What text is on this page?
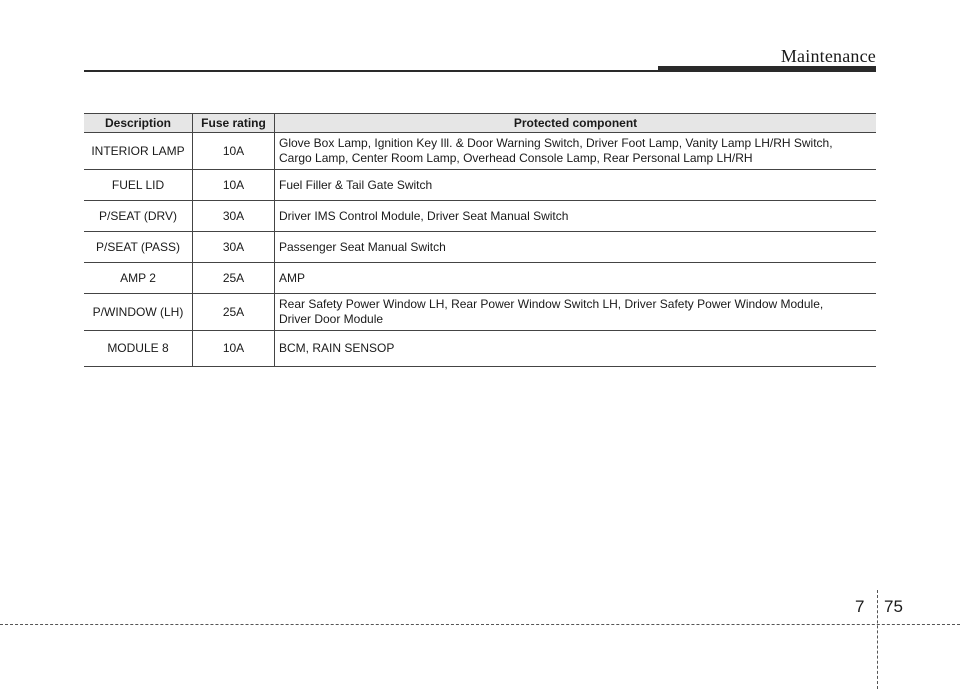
Maintenance
Description	Fuse rating	Protected component
INTERIOR LAMP	10A	Glove Box Lamp, Ignition Key Ill. & Door Warning Switch, Driver Foot Lamp, Vanity Lamp LH/RH Switch,
Cargo Lamp, Center Room Lamp, Overhead Console Lamp, Rear Personal Lamp LH/RH

FUEL LID	10A	Fuel Filler & Tail Gate Switch

P/SEAT (DRV)	30A	Driver IMS Control Module, Driver Seat Manual Switch

P/SEAT (PASS)	30A	Passenger Seat Manual Switch

AMP 2	25A	AMP

P/WINDOW (LH)	25A	Rear Safety Power Window LH, Rear Power Window Switch LH, Driver Safety Power Window Module,
Driver Door Module

MODULE 8	10A	BCM, RAIN SENSOP
7 75
